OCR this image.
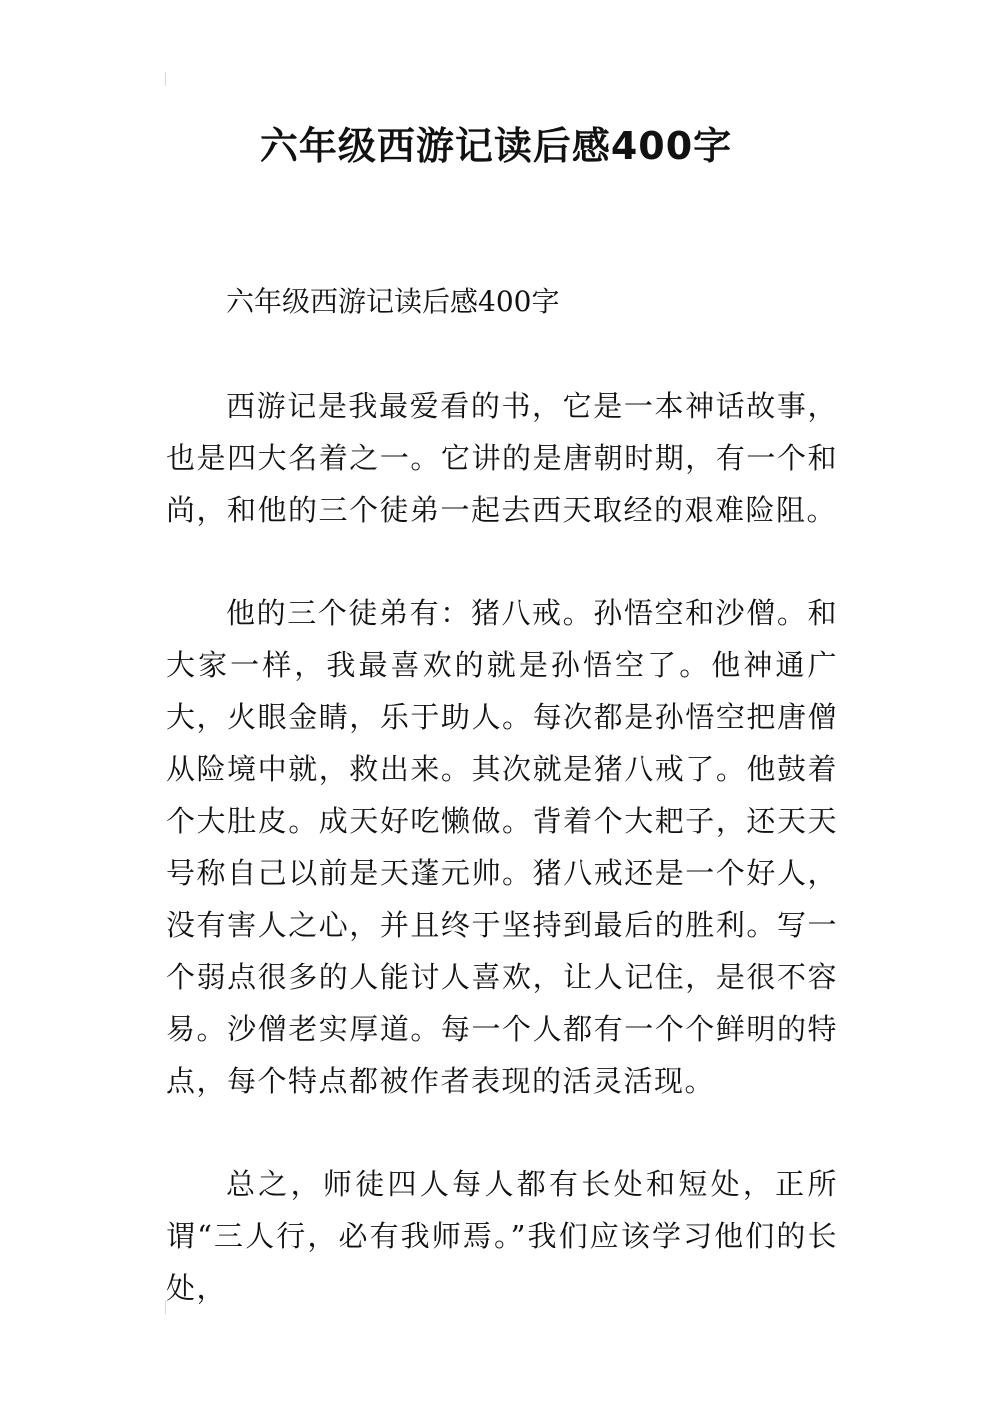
六年级西游记读后感400字
六年级西游记读后感400字

西游记是我最爱看的书，它是一本神话故事，也是四大名着之一。它讲的是唐朝时期，有一个和尚，和他的三个徒弟一起去西天取经的艰难险阻。

他的三个徒弟有：猪八戒。孙悟空和沙僧。和大家一样，我最喜欢的就是孙悟空了。他神通广大，火眼金睛，乐于助人。每次都是孙悟空把唐僧从险境中就，救出来。其次就是猪八戒了。他鼓着个大肚皮。成天好吃懒做。背着个大耙子，还天天号称自己以前是天蓬元帅。猪八戒还是一个好人，没有害人之心，并且终于坚持到最后的胜利。写一个弱点很多的人能讨人喜欢，让人记住，是很不容易。沙僧老实厚道。每一个人都有一个个鲜明的特点，每个特点都被作者表现的活灵活现。

总之，师徒四人每人都有长处和短处，正所谓“三人行，必有我师焉。”我们应该学习他们的长处，
